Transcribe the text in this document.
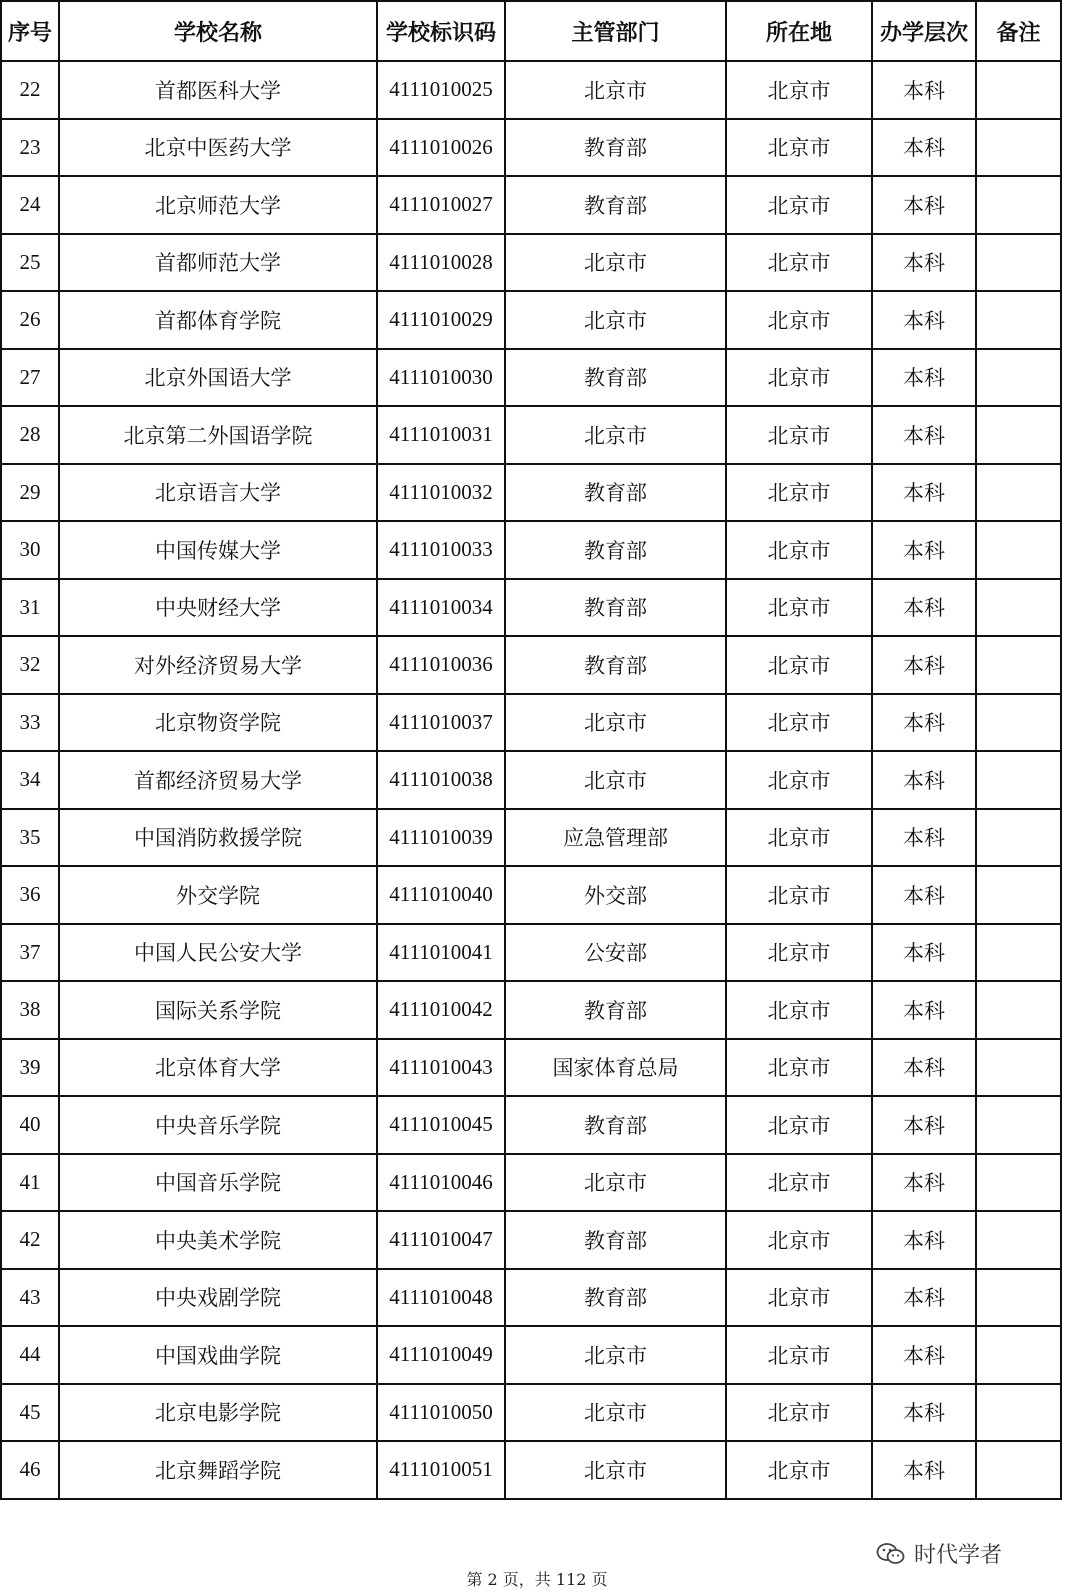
序号	学校名称	学校标识码	主管部门	所在地	办学层次	备注
22	首都医科大学	4111010025	北京市	北京市	本科	
23	北京中医药大学	4111010026	教育部	北京市	本科	
24	北京师范大学	4111010027	教育部	北京市	本科	
25	首都师范大学	4111010028	北京市	北京市	本科	
26	首都体育学院	4111010029	北京市	北京市	本科	
27	北京外国语大学	4111010030	教育部	北京市	本科	
28	北京第二外国语学院	4111010031	北京市	北京市	本科	
29	北京语言大学	4111010032	教育部	北京市	本科	
30	中国传媒大学	4111010033	教育部	北京市	本科	
31	中央财经大学	4111010034	教育部	北京市	本科	
32	对外经济贸易大学	4111010036	教育部	北京市	本科	
33	北京物资学院	4111010037	北京市	北京市	本科	
34	首都经济贸易大学	4111010038	北京市	北京市	本科	
35	中国消防救援学院	4111010039	应急管理部	北京市	本科	
36	外交学院	4111010040	外交部	北京市	本科	
37	中国人民公安大学	4111010041	公安部	北京市	本科	
38	国际关系学院	4111010042	教育部	北京市	本科	
39	北京体育大学	4111010043	国家体育总局	北京市	本科	
40	中央音乐学院	4111010045	教育部	北京市	本科	
41	中国音乐学院	4111010046	北京市	北京市	本科	
42	中央美术学院	4111010047	教育部	北京市	本科	
43	中央戏剧学院	4111010048	教育部	北京市	本科	
44	中国戏曲学院	4111010049	北京市	北京市	本科	
45	北京电影学院	4111010050	北京市	北京市	本科	
46	北京舞蹈学院	4111010051	北京市	北京市	本科	
时代学者
第 2 页，共 112 页
